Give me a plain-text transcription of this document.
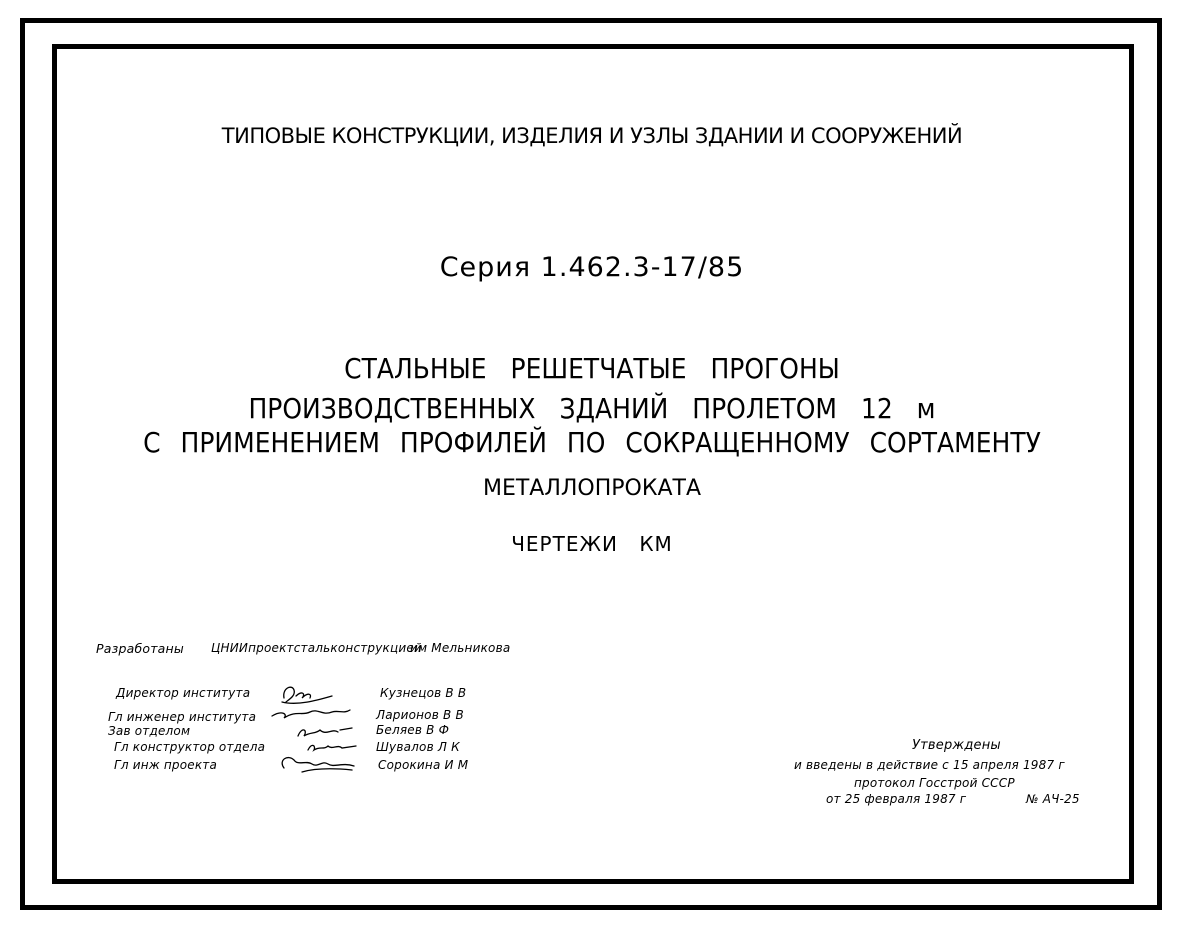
ТИПОВЫЕ КОНСТРУКЦИИ, ИЗДЕЛИЯ И УЗЛЫ ЗДАНИИ И СООРУЖЕНИЙ
Серия 1.462.3-17/85
СТАЛЬНЫЕ РЕШЕТЧАТЫЕ ПРОГОНЫ
ПРОИЗВОДСТВЕННЫХ ЗДАНИЙ ПРОЛЕТОМ 12 м
С ПРИМЕНЕНИЕМ ПРОФИЛЕЙ ПО СОКРАЩЕННОМУ СОРТАМЕНТУ
МЕТАЛЛОПРОКАТА
ЧЕРТЕЖИ КМ
Разработаны ЦНИИпроектстальконструкцией
им Мельникова
Директор института
Гл инженер института
Зав отделом
Гл конструктор отдела
Гл инж проекта
Кузнецов В В
Ларионов В В
Беляев В Ф
Шувалов Л К
Сорокина И М
Утверждены
и введены в действие с 15 апреля 1987 г
протокол Госстрой СССР
от 25 февраля 1987 г	№ АЧ-25
